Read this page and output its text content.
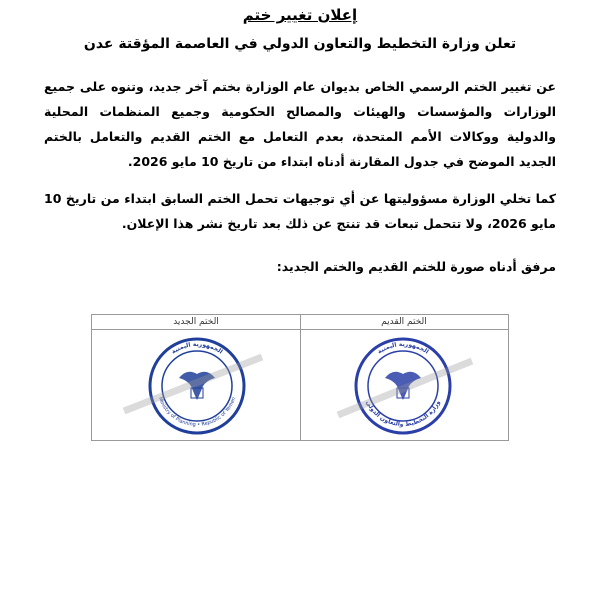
إعلان تغيير ختم
تعلن وزارة التخطيط والتعاون الدولي في العاصمة المؤقتة عدن
عن تغيير الختم الرسمي الخاص بديوان عام الوزارة بختم آخر جديد، وتنوه على جميع الوزارات والمؤسسات والهيئات والمصالح الحكومية وجميع المنظمات المحلية والدولية ووكالات الأمم المتحدة، بعدم التعامل مع الختم القديم والتعامل بالختم الجديد الموضح في جدول المقارنة أدناه ابتداء من تاريخ 10 مايو 2026.
كما تخلي الوزارة مسؤوليتها عن أي توجيهات تحمل الختم السابق ابتداء من تاريخ 10 مايو 2026، ولا تتحمل تبعات قد تنتج عن ذلك بعد تاريخ نشر هذا الإعلان.
مرفق أدناه صورة للختم القديم والختم الجديد:
الختم الجديد	الختم القديم
الجمهورية اليمنية
Ministry of Planning • Republic of Yemen
الجمهورية اليمنية
وزارة التخطيط والتعاون الدولي
